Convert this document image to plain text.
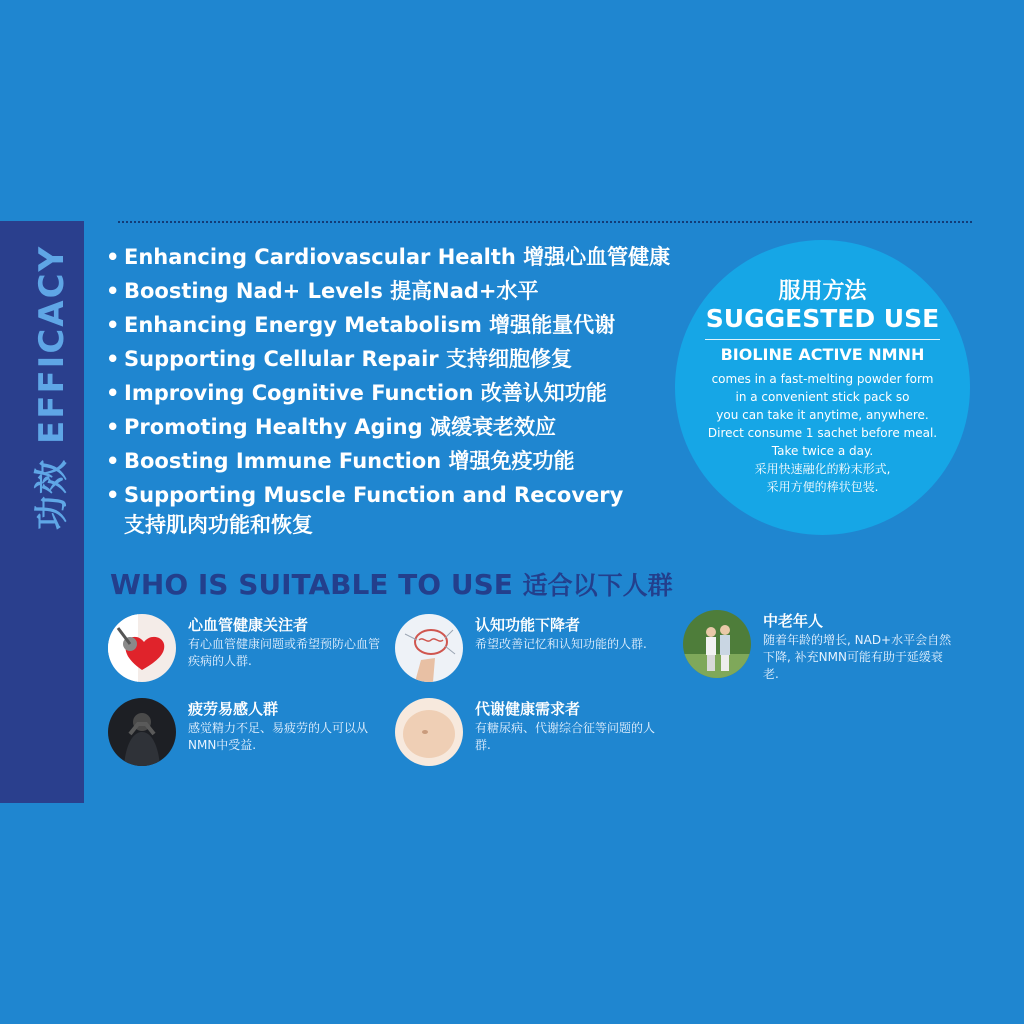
功效EFFICACY • Enhancing Cardiovascular Health 增强心血管健康
• Boosting Nad+ Levels 提高Nad+水平
• Enhancing Energy Metabolism 增强能量代谢
• Supporting Cellular Repair 支持细胞修复
• Improving Cognitive Function 改善认知功能
• Promoting Healthy Aging 减缓衰老效应
• Boosting Immune Function 增强免疫功能
• Supporting Muscle Function and Recovery
支持肌肉功能和恢复
服用方法
SUGGESTED USE
BIOLINE ACTIVE NMNH
comes in a fast-melting powder form
in a convenient stick pack so
you can take it anytime, anywhere.
Direct consume 1 sachet before meal.
Take twice a day.
采用快速融化的粉末形式,
采用方便的棒状包装.
WHO IS SUITABLE TO USE 适合以下人群
心血管健康关注者
有心血管健康问题或希望预防心血管疾病的人群.
认知功能下降者
希望改善记忆和认知功能的人群.
中老年人
随着年龄的增长, NAD+水平会自然下降, 补充NMN可能有助于延缓衰老.
疲劳易感人群
感觉精力不足、易疲劳的人可以从NMN中受益.
代谢健康需求者
有糖尿病、代谢综合征等问题的人群.
